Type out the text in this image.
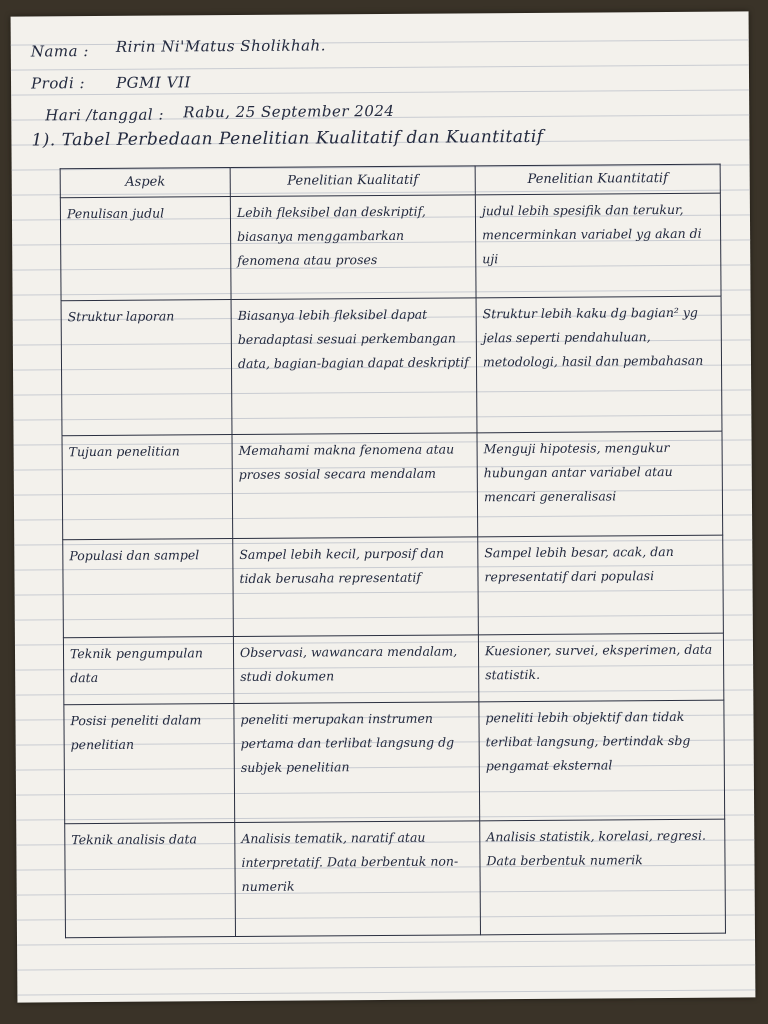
Nama : Ririn Ni'Matus Sholikhah.
Prodi : PGMI VII
Hari /tanggal : Rabu, 25 September 2024
1). Tabel Perbedaan Penelitian Kualitatif dan Kuantitatif
Aspek	Penelitian Kualitatif	Penelitian Kuantitatif
Penulisan judul	Lebih fleksibel dan deskriptif, biasanya menggambarkan fenomena atau proses	judul lebih spesifik dan terukur, mencerminkan variabel yg akan di uji
Struktur laporan	Biasanya lebih fleksibel dapat beradaptasi sesuai perkembangan data, bagian-bagian dapat deskriptif	Struktur lebih kaku dg bagian² yg jelas seperti pendahuluan, metodologi, hasil dan pembahasan
Tujuan penelitian	Memahami makna fenomena atau proses sosial secara mendalam	Menguji hipotesis, mengukur hubungan antar variabel atau mencari generalisasi
Populasi dan sampel	Sampel lebih kecil, purposif dan tidak berusaha representatif	Sampel lebih besar, acak, dan representatif dari populasi
Teknik pengumpulan data	Observasi, wawancara mendalam, studi dokumen	Kuesioner, survei, eksperimen, data statistik.
Posisi peneliti dalam penelitian	peneliti merupakan instrumen pertama dan terlibat langsung dg subjek penelitian	peneliti lebih objektif dan tidak terlibat langsung, bertindak sbg pengamat eksternal
Teknik analisis data	Analisis tematik, naratif atau interpretatif. Data berbentuk non-numerik	Analisis statistik, korelasi, regresi. Data berbentuk numerik
